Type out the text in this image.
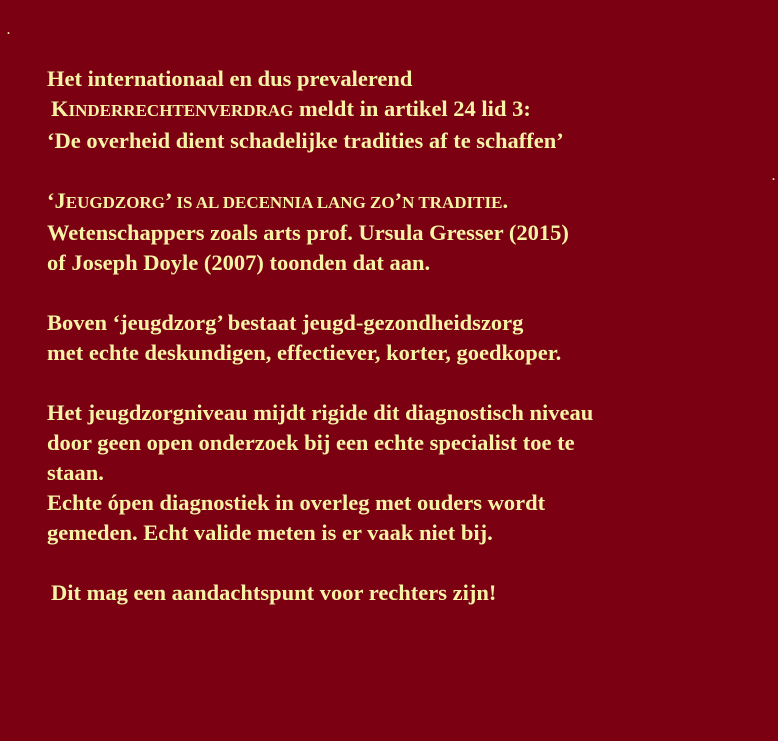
.
.
Het internationaal en dus prevalerend
KINDERRECHTENVERDRAG meldt in artikel 24 lid 3:
‘De overheid dient schadelijke tradities af te schaffen’
‘JEUGDZORG’ IS AL DECENNIA LANG ZO’N TRADITIE.
Wetenschappers zoals arts prof. Ursula Gresser (2015)
of Joseph Doyle (2007) toonden dat aan.
Boven ‘jeugdzorg’ bestaat jeugd-gezondheidszorg
met echte deskundigen, effectiever, korter, goedkoper.
Het jeugdzorgniveau mijdt rigide dit diagnostisch niveau
door geen open onderzoek bij een echte specialist toe te
staan.
Echte ópen diagnostiek in overleg met ouders wordt
gemeden. Echt valide meten is er vaak niet bij.
Dit mag een aandachtspunt voor rechters zijn!
